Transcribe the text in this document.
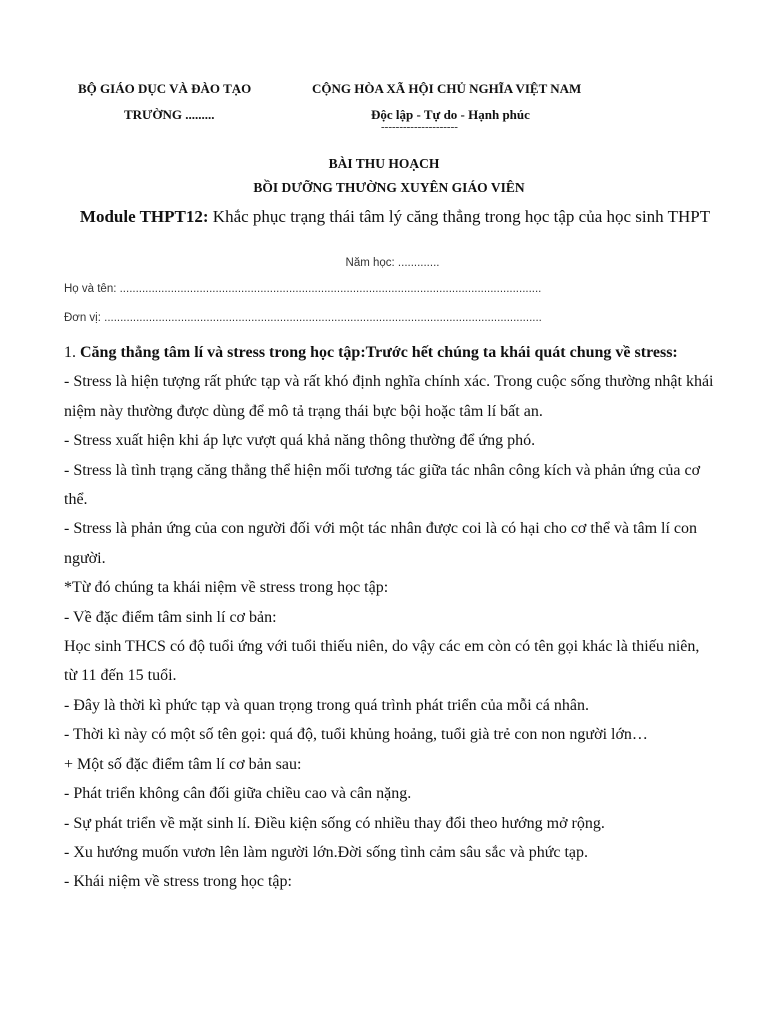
BỘ GIÁO DỤC VÀ ĐÀO TẠO
TRƯỜNG .........
CỘNG HÒA XÃ HỘI CHỦ NGHĨA VIỆT NAM
Độc lập - Tự do - Hạnh phúc
---------------------
BÀI THU HOẠCH
BỒI DƯỠNG THƯỜNG XUYÊN GIÁO VIÊN
Module THPT12: Khắc phục trạng thái tâm lý căng thẳng trong học tập của học sinh THPT
Năm học: .............
Họ và tên: ....................................................................................................................................
Đơn vị: .........................................................................................................................................

1. Căng thẳng tâm lí và stress trong học tập:Trước hết chúng ta khái quát chung về stress:

- Stress là hiện tượng rất phức tạp và rất khó định nghĩa chính xác. Trong cuộc sống thường nhật khái niệm này thường được dùng để mô tả trạng thái bực bội hoặc tâm lí bất an.

- Stress xuất hiện khi áp lực vượt quá khả năng thông thường để ứng phó.

- Stress là tình trạng căng thẳng thể hiện mối tương tác giữa tác nhân công kích và phản ứng của cơ thể.

- Stress là phản ứng của con người đối với một tác nhân được coi là có hại cho cơ thể và tâm lí con người.

*Từ đó chúng ta khái niệm về stress trong học tập:

- Về đặc điểm tâm sinh lí cơ bản:

Học sinh THCS có độ tuổi ứng với tuổi thiếu niên, do vậy các em còn có tên gọi khác là thiếu niên, từ 11 đến 15 tuổi.

- Đây là thời kì phức tạp và quan trọng trong quá trình phát triển của mỗi cá nhân.

- Thời kì này có một số tên gọi: quá độ, tuổi khủng hoảng, tuổi già trẻ con non người lớn…

+ Một số đặc điểm tâm lí cơ bản sau:

- Phát triển không cân đối giữa chiều cao và cân nặng.

- Sự phát triển về mặt sinh lí. Điều kiện sống có nhiều thay đổi theo hướng mở rộng.

- Xu hướng muốn vươn lên làm người lớn.Đời sống tình cảm sâu sắc và phức tạp.

- Khái niệm về stress trong học tập:
